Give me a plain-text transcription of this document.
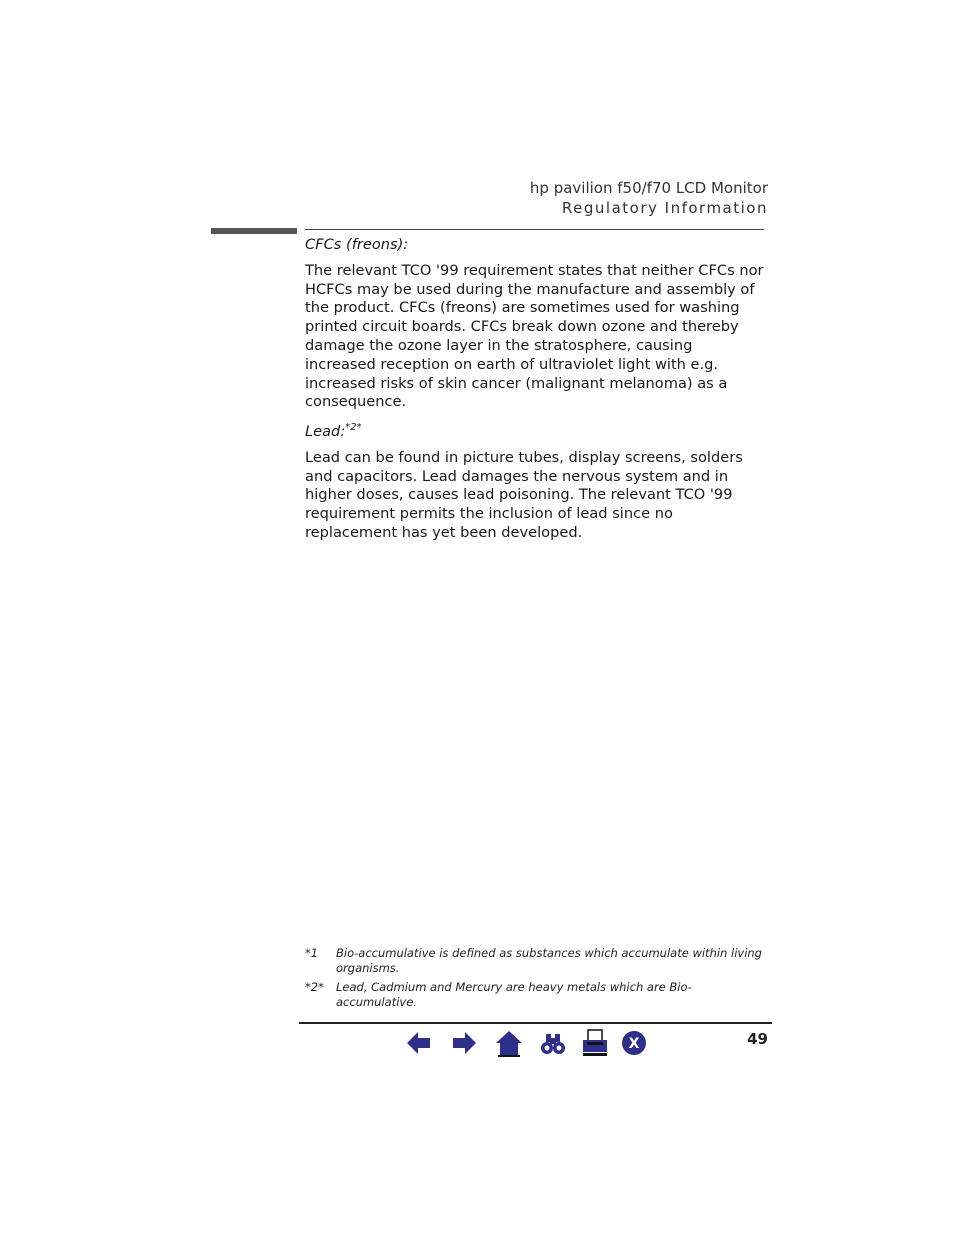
hp pavilion f50/f70 LCD Monitor
Regulatory Information
CFCs (freons):

The relevant TCO '99 requirement states that neither CFCs nor HCFCs may be used during the manufacture and assembly of the product. CFCs (freons) are sometimes used for washing printed circuit boards. CFCs break down ozone and thereby damage the ozone layer in the stratosphere, causing increased reception on earth of ultraviolet light with e.g. increased risks of skin cancer (malignant melanoma) as a consequence.

Lead:$^{*2*}$

Lead can be found in picture tubes, display screens, solders and capacitors. Lead damages the nervous system and in higher doses, causes lead poisoning. The relevant TCO '99 requirement permits the inclusion of lead since no replacement has yet been developed.

*1	Bio-accumulative is defined as substances which accumulate within living organisms.
*2*	Lead, Cadmium and Mercury are heavy metals which are Bio-accumulative.
X	49
